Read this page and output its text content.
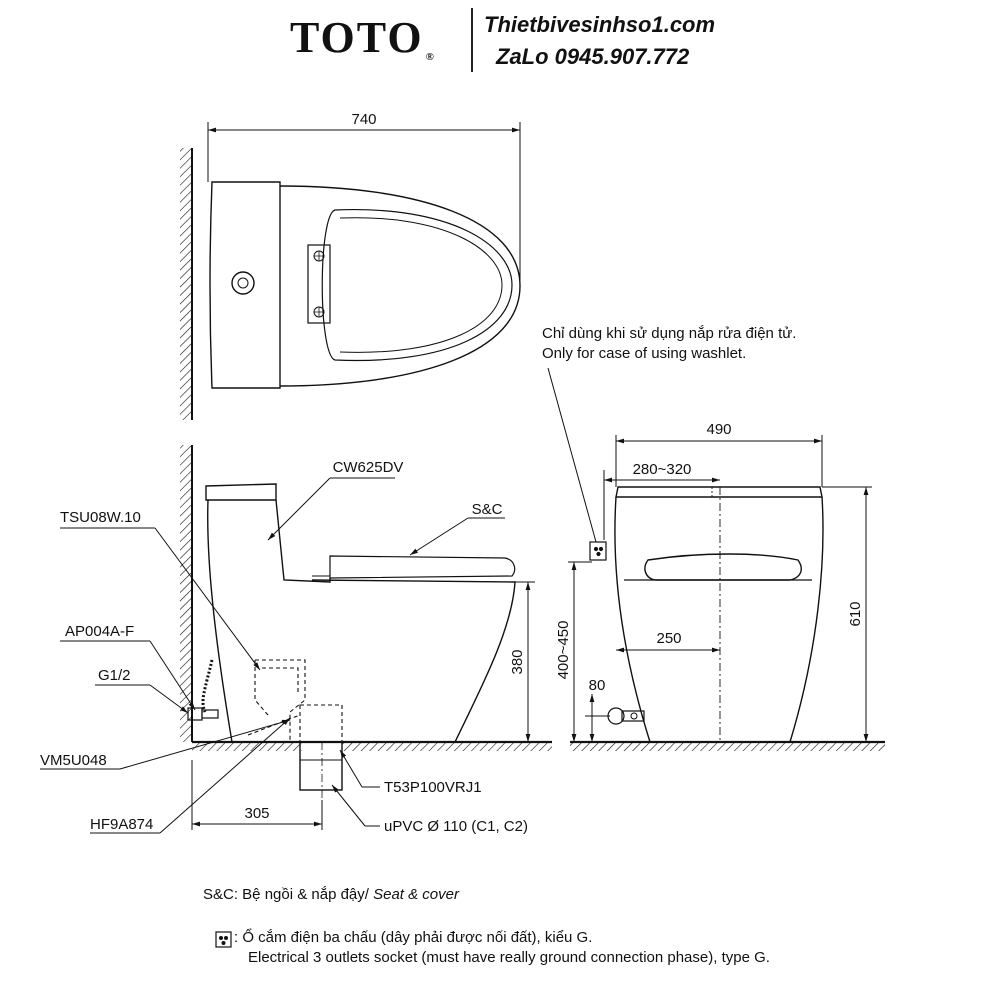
TOTO ®
Thietbivesinhso1.com
ZaLo 0945.907.772
740
CW625DV
S&C
TSU08W.10
AP004A-F
G1/2
VM5U048
HF9A874
T53P100VRJ1
uPVC Ø 110 (C1, C2)
305
380
490
280~320
610
400~450	250
80
Chỉ dùng khi sử dụng nắp rửa điện tử.
Only for case of using washlet.
S&C: Bệ ngồi & nắp đậy/ Seat & cover
: Ổ cắm điện ba chấu (dây phải được nối đất), kiểu G.
Electrical 3 outlets socket (must have really ground connection phase), type G.
